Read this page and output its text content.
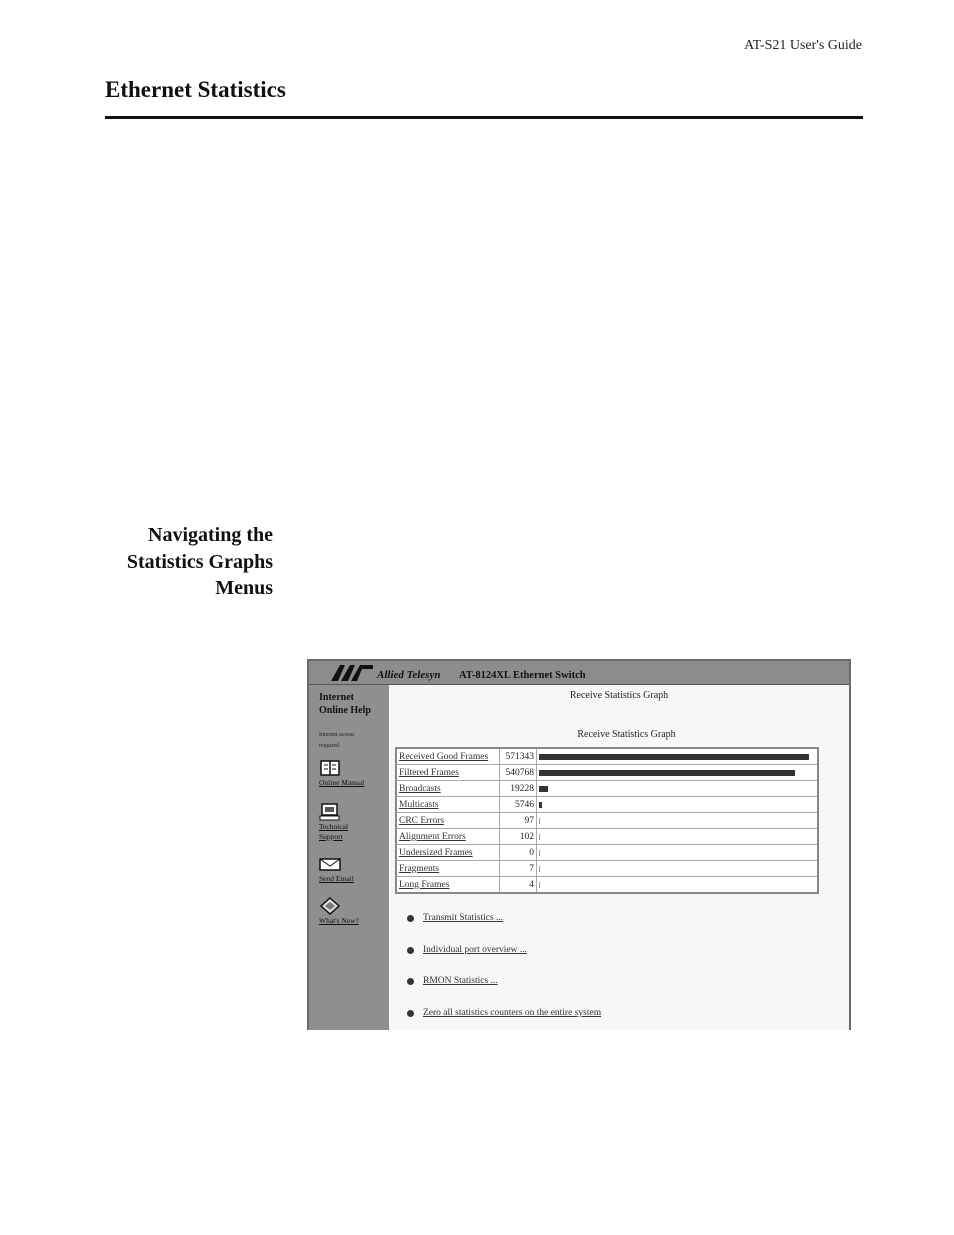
AT-S21 User's Guide
Ethernet Statistics
Navigating the
Statistics Graphs
Menus
Allied Telesyn AT-8124XL Ethernet Switch
Internet
Online Help
Internet access
required
Online Manual
Technical
Support
Send Email
What's New?
Receive Statistics Graph
Receive Statistics Graph
Received Good Frames	571343	

Filtered Frames	540768	

Broadcasts	19228	

Multicasts	5746	

CRC Errors	97	

Alignment Errors	102	

Undersized Frames	0	

Fragments	7	

Long Frames	4	
Transmit Statistics ...
Individual port overview ...
RMON Statistics ...
Zero all statistics counters on the entire system
